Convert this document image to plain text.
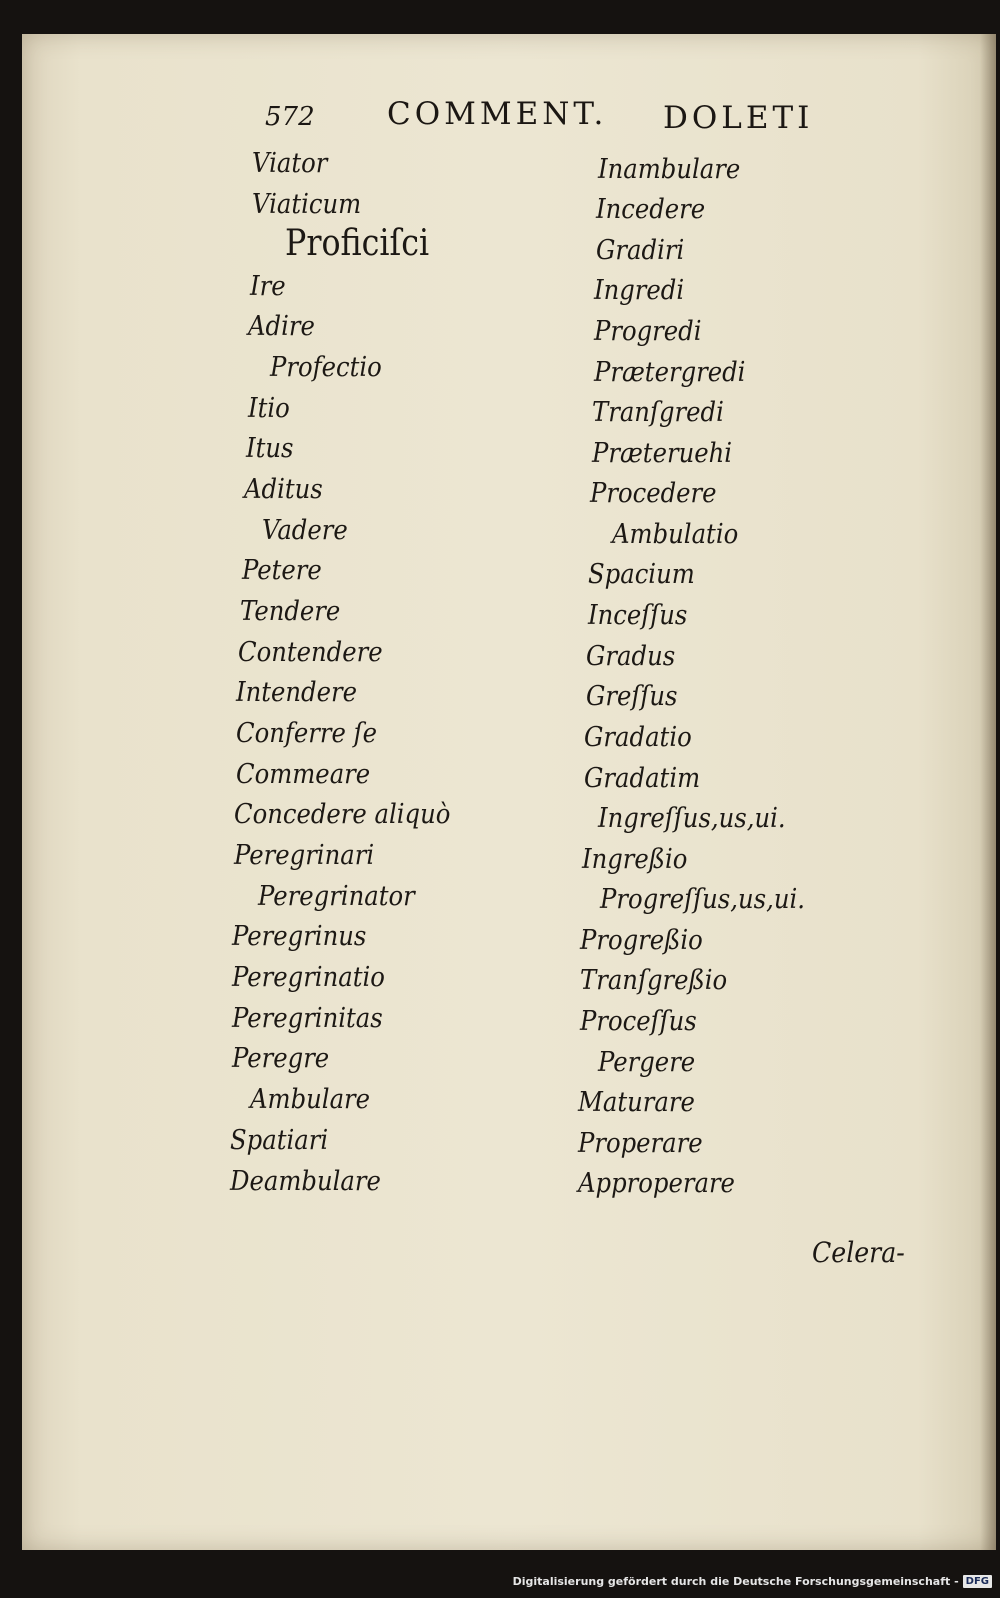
572 COMMENT. DOLETI
Viator
Viaticum
Proficiſci
Ire
Adire
Profectio
Itio
Itus
Aditus
Vadere
Petere
Tendere
Contendere
Intendere
Conferre ſe
Commeare
Concedere aliquò
Peregrinari
Peregrinator
Peregrinus
Peregrinatio
Peregrinitas
Peregre
Ambulare
Spatiari
Deambulare
Inambulare
Incedere
Gradiri
Ingredi
Progredi
Prætergredi
Tranſgredi
Præteruehi
Procedere
Ambulatio
Spacium
Inceſſus
Gradus
Greſſus
Gradatio
Gradatim
Ingreſſus,us,ui.
Ingreßio
Progreſſus,us,ui.
Progreßio
Tranſgreßio
Proceſſus
Pergere
Maturare
Properare
Approperare
Celera-
Digitalisierung gefördert durch die Deutsche Forschungsgemeinschaft - DFG
